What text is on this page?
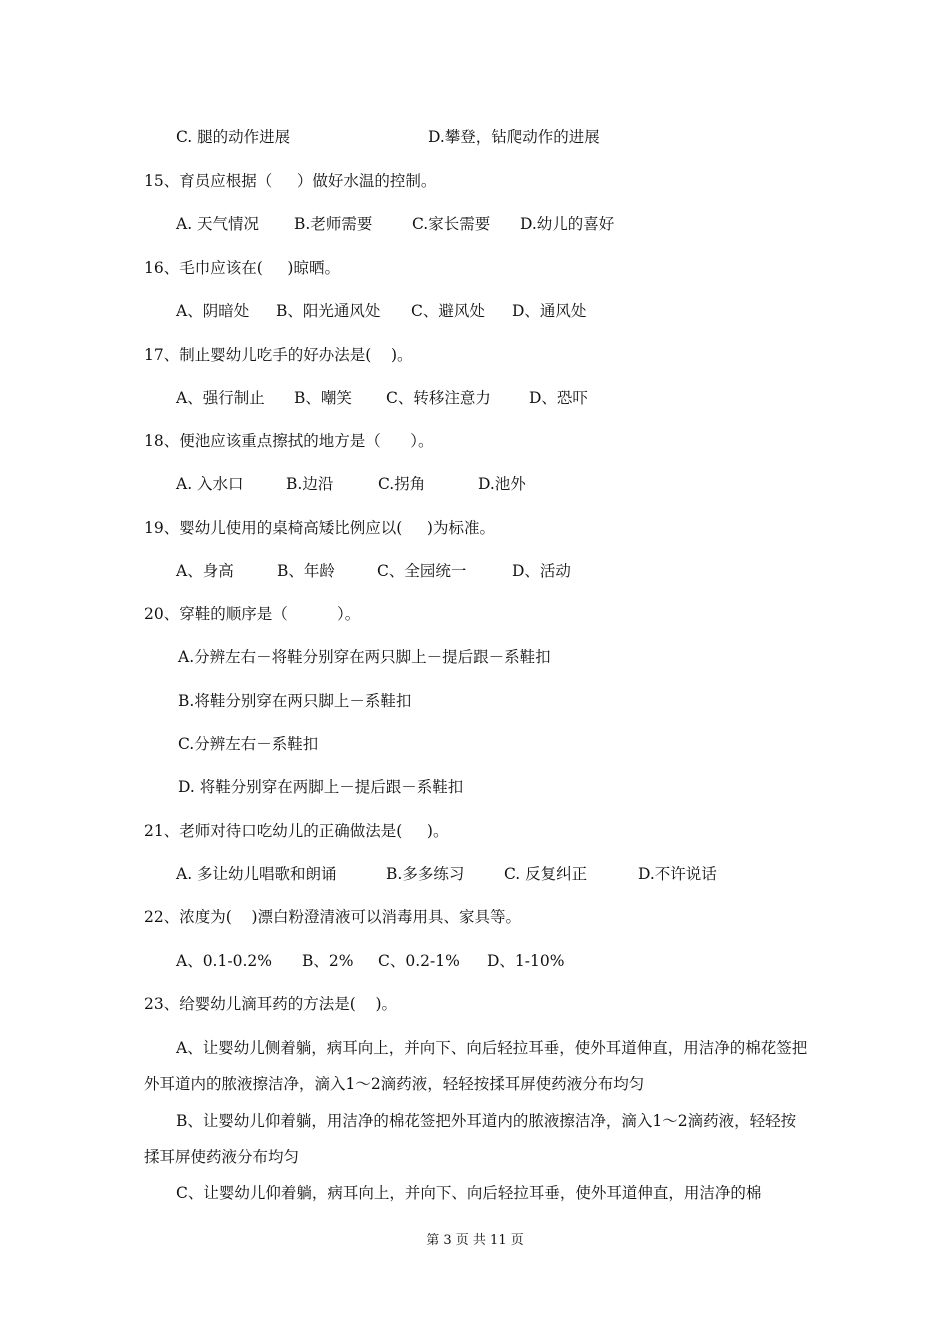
C. 腿的动作进展	D.攀登，钻爬动作的进展
15、育员应根据（     ）做好水温的控制。
A. 天气情况 B.老师需要	C.家长需要 D.幼儿的喜好
16、毛巾应该在(     )晾晒。
A、阴暗处 B、阳光通风处 C、避风处 D、通风处
17、制止婴幼儿吃手的好办法是(    )。
A、强行制止 B、嘲笑 C、转移注意力 D、恐吓
18、便池应该重点擦拭的地方是（      ）。
A. 入水口	B.边沿	C.拐角	D.池外
19、婴幼儿使用的桌椅高矮比例应以(     )为标准。
A、身高	B、年龄	C、全园统一	D、活动
20、穿鞋的顺序是（          ）。
A.分辨左右－将鞋分别穿在两只脚上－提后跟－系鞋扣
B.将鞋分别穿在两只脚上－系鞋扣
C.分辨左右－系鞋扣
D. 将鞋分别穿在两脚上－提后跟－系鞋扣
21、老师对待口吃幼儿的正确做法是(     )。
A. 多让幼儿唱歌和朗诵	B.多多练习	C. 反复纠正	D.不许说话
22、浓度为(    )漂白粉澄清液可以消毒用具、家具等。
A、0.1-0.2% B、2% C、0.2-1% D、1-10%
23、给婴幼儿滴耳药的方法是(    )。
A、让婴幼儿侧着躺，病耳向上，并向下、向后轻拉耳垂，使外耳道伸直，用洁净的棉花签把外耳道内的脓液擦洁净，滴入1～2滴药液，轻轻按揉耳屏使药液分布均匀
B、让婴幼儿仰着躺，用洁净的棉花签把外耳道内的脓液擦洁净，滴入1～2滴药液，轻轻按揉耳屏使药液分布均匀
C、让婴幼儿仰着躺，病耳向上，并向下、向后轻拉耳垂，使外耳道伸直，用洁净的棉
第 3 页 共 11 页
